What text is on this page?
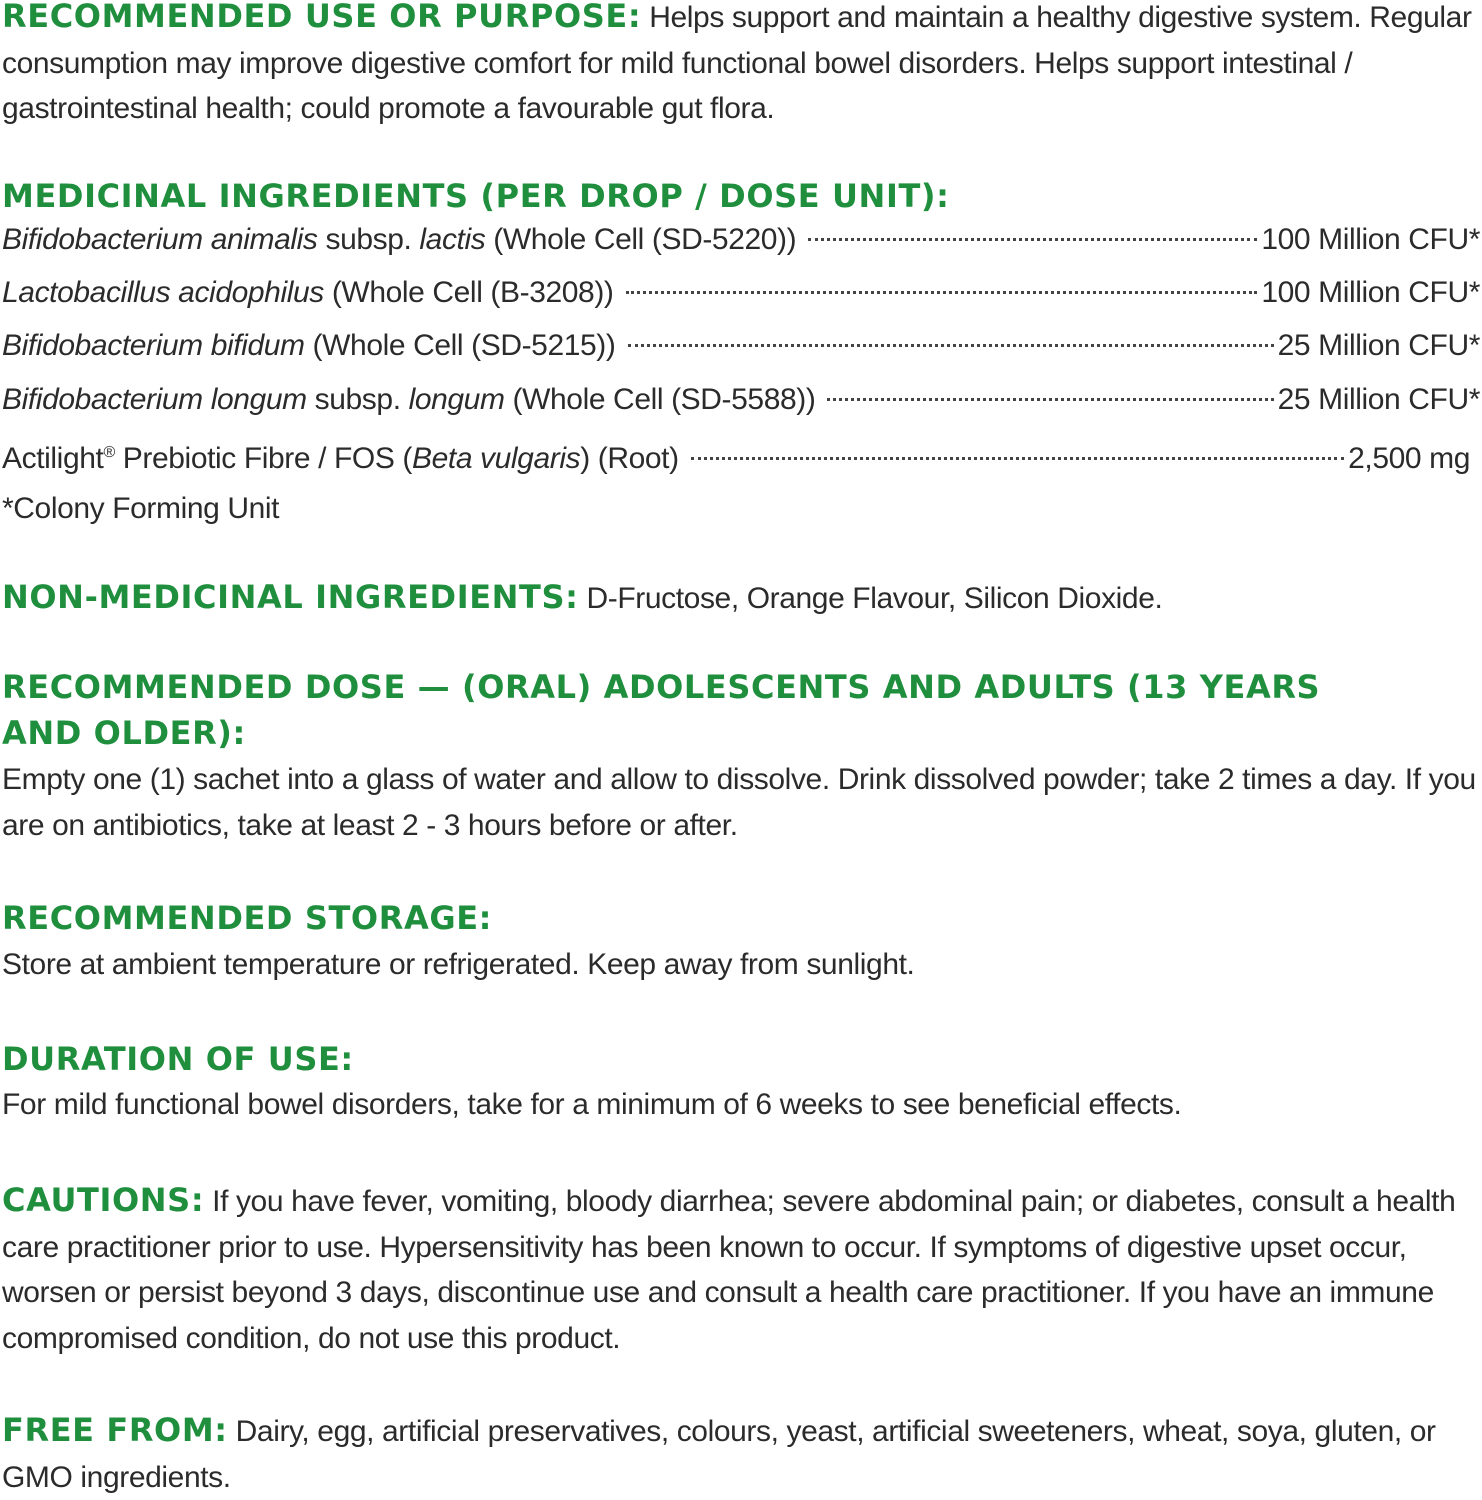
RECOMMENDED USE OR PURPOSE: Helps support and maintain a healthy digestive system. Regular consumption may improve digestive comfort for mild functional bowel disorders. Helps support intestinal / gastrointestinal health; could promote a favourable gut flora.
MEDICINAL INGREDIENTS (PER DROP / DOSE UNIT):
Bifidobacterium animalis subsp. lactis (Whole Cell (SD-5220))	100 Million CFU*
Lactobacillus acidophilus (Whole Cell (B-3208))	100 Million CFU*
Bifidobacterium bifidum (Whole Cell (SD-5215))	25 Million CFU*
Bifidobacterium longum subsp. longum (Whole Cell (SD-5588))	25 Million CFU*
Actilight® Prebiotic Fibre / FOS (Beta vulgaris) (Root)	2,500 mg
*Colony Forming Unit
NON-MEDICINAL INGREDIENTS: D-Fructose, Orange Flavour, Silicon Dioxide.
RECOMMENDED DOSE — (ORAL) ADOLESCENTS AND ADULTS (13 YEARS
AND OLDER):
Empty one (1) sachet into a glass of water and allow to dissolve. Drink dissolved powder; take 2 times a day. If you are on antibiotics, take at least 2 - 3 hours before or after.
RECOMMENDED STORAGE:
Store at ambient temperature or refrigerated. Keep away from sunlight.
DURATION OF USE:
For mild functional bowel disorders, take for a minimum of 6 weeks to see beneficial effects.
CAUTIONS: If you have fever, vomiting, bloody diarrhea; severe abdominal pain; or diabetes, consult a health care practitioner prior to use. Hypersensitivity has been known to occur. If symptoms of digestive upset occur, worsen or persist beyond 3 days, discontinue use and consult a health care practitioner. If you have an immune compromised condition, do not use this product.
FREE FROM: Dairy, egg, artificial preservatives, colours, yeast, artificial sweeteners, wheat, soya, gluten, or GMO ingredients.
